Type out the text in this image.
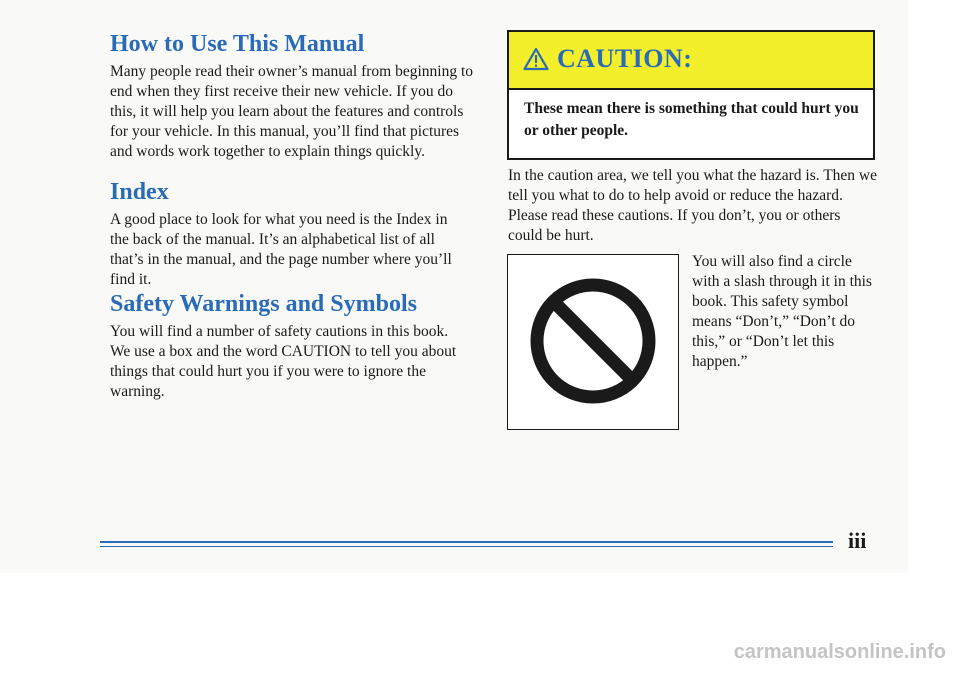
How to Use This Manual

Many people read their owner’s manual from beginning to end when they first receive their new vehicle. If you do this, it will help you learn about the features and controls for your vehicle. In this manual, you’ll find that pictures and words work together to explain things quickly.

Index

A good place to look for what you need is the Index in the back of the manual. It’s an alphabetical list of all that’s in the manual, and the page number where you’ll find it.

Safety Warnings and Symbols

You will find a number of safety cautions in this book. We use a box and the word CAUTION to tell you about things that could hurt you if you were to ignore the warning.

CAUTION:

These mean there is something that could hurt you or other people.

In the caution area, we tell you what the hazard is. Then we tell you what to do to help avoid or reduce the hazard. Please read these cautions. If you don’t, you or others could be hurt.

You will also find a circle with a slash through it in this book. This safety symbol means “Don’t,” “Don’t do this,” or “Don’t let this happen.”

iii
carmanualsonline.info
